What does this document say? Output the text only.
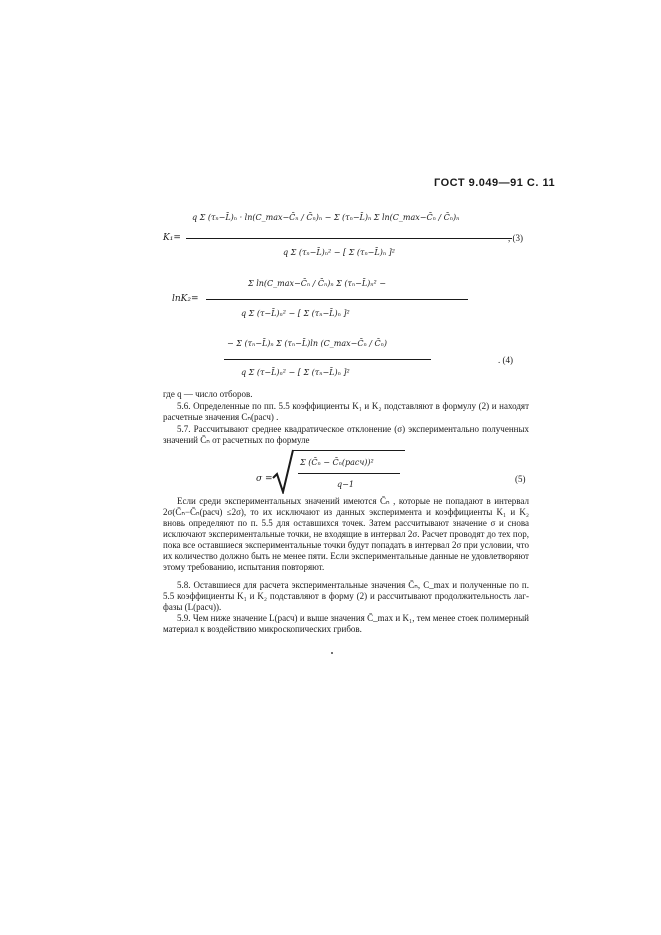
ГОСТ 9.049—91 С. 11
K₁=
q Σ (τₙ−L̄)ₙ · ln(C_max−C̄ₙ / C̄ₙ)ₙ − Σ (τₙ−L̄)ₙ Σ ln(C_max−C̄ₙ / C̄ₙ)ₙ
q Σ (τₙ−L̄)ₙ² − [ Σ (τₙ−L̄)ₙ ]²
, (3)
lnK₂=
Σ ln(C_max−C̄ₙ / C̄ₙ)ₙ Σ (τₙ−L̄)ₙ² −
q Σ (τ−L̄)ₙ² − [ Σ (τₙ−L̄)ₙ ]²
− Σ (τₙ−L̄)ₙ Σ (τₙ−L̄)ln (C_max−C̄ₙ / C̄ₙ)
q Σ (τ−L̄)ₙ² − [ Σ (τₙ−L̄)ₙ ]²
. (4)
где q — число отборов.
5.6. Определенные по пп. 5.5 коэффициенты K₁ и K₂ подставляют в формулу (2) и находят расчетные значения Cₙ(расч) .
5.7. Рассчитывают среднее квадратическое отклонение (σ) экспериментально полученных значений C̄ₙ от расчетных по формуле
σ =
Σ (C̄ₙ − C̄ₙ(расч))²
q−1
(5)
Если среди экспериментальных значений имеются C̄ₙ , которые не попадают в интервал 2σ(C̄ₙ−C̄ₙ(расч) ≤2σ), то их исключают из данных эксперимента и коэффициенты K₁ и K₂ вновь определяют по п. 5.5 для оставшихся точек. Затем рассчитывают значение σ и снова исключают экспериментальные точки, не входящие в интервал 2σ. Расчет проводят до тех пор, пока все оставшиеся экспериментальные точки будут попадать в интервал 2σ при условии, что их количество должно быть не менее пяти. Если экспериментальные данные не удовлетворяют этому требованию, испытания повторяют.
5.8. Оставшиеся для расчета экспериментальные значения C̄ₙ, C_max и полученные по п. 5.5 коэффициенты K₁ и K₂ подставляют в форму (2) и рассчитывают продолжительность лаг-фазы (L(расч)).
5.9. Чем ниже значение L(расч) и выше значения C̄_max и K₁, тем менее стоек полимерный материал к воздействию микроскопических грибов.
